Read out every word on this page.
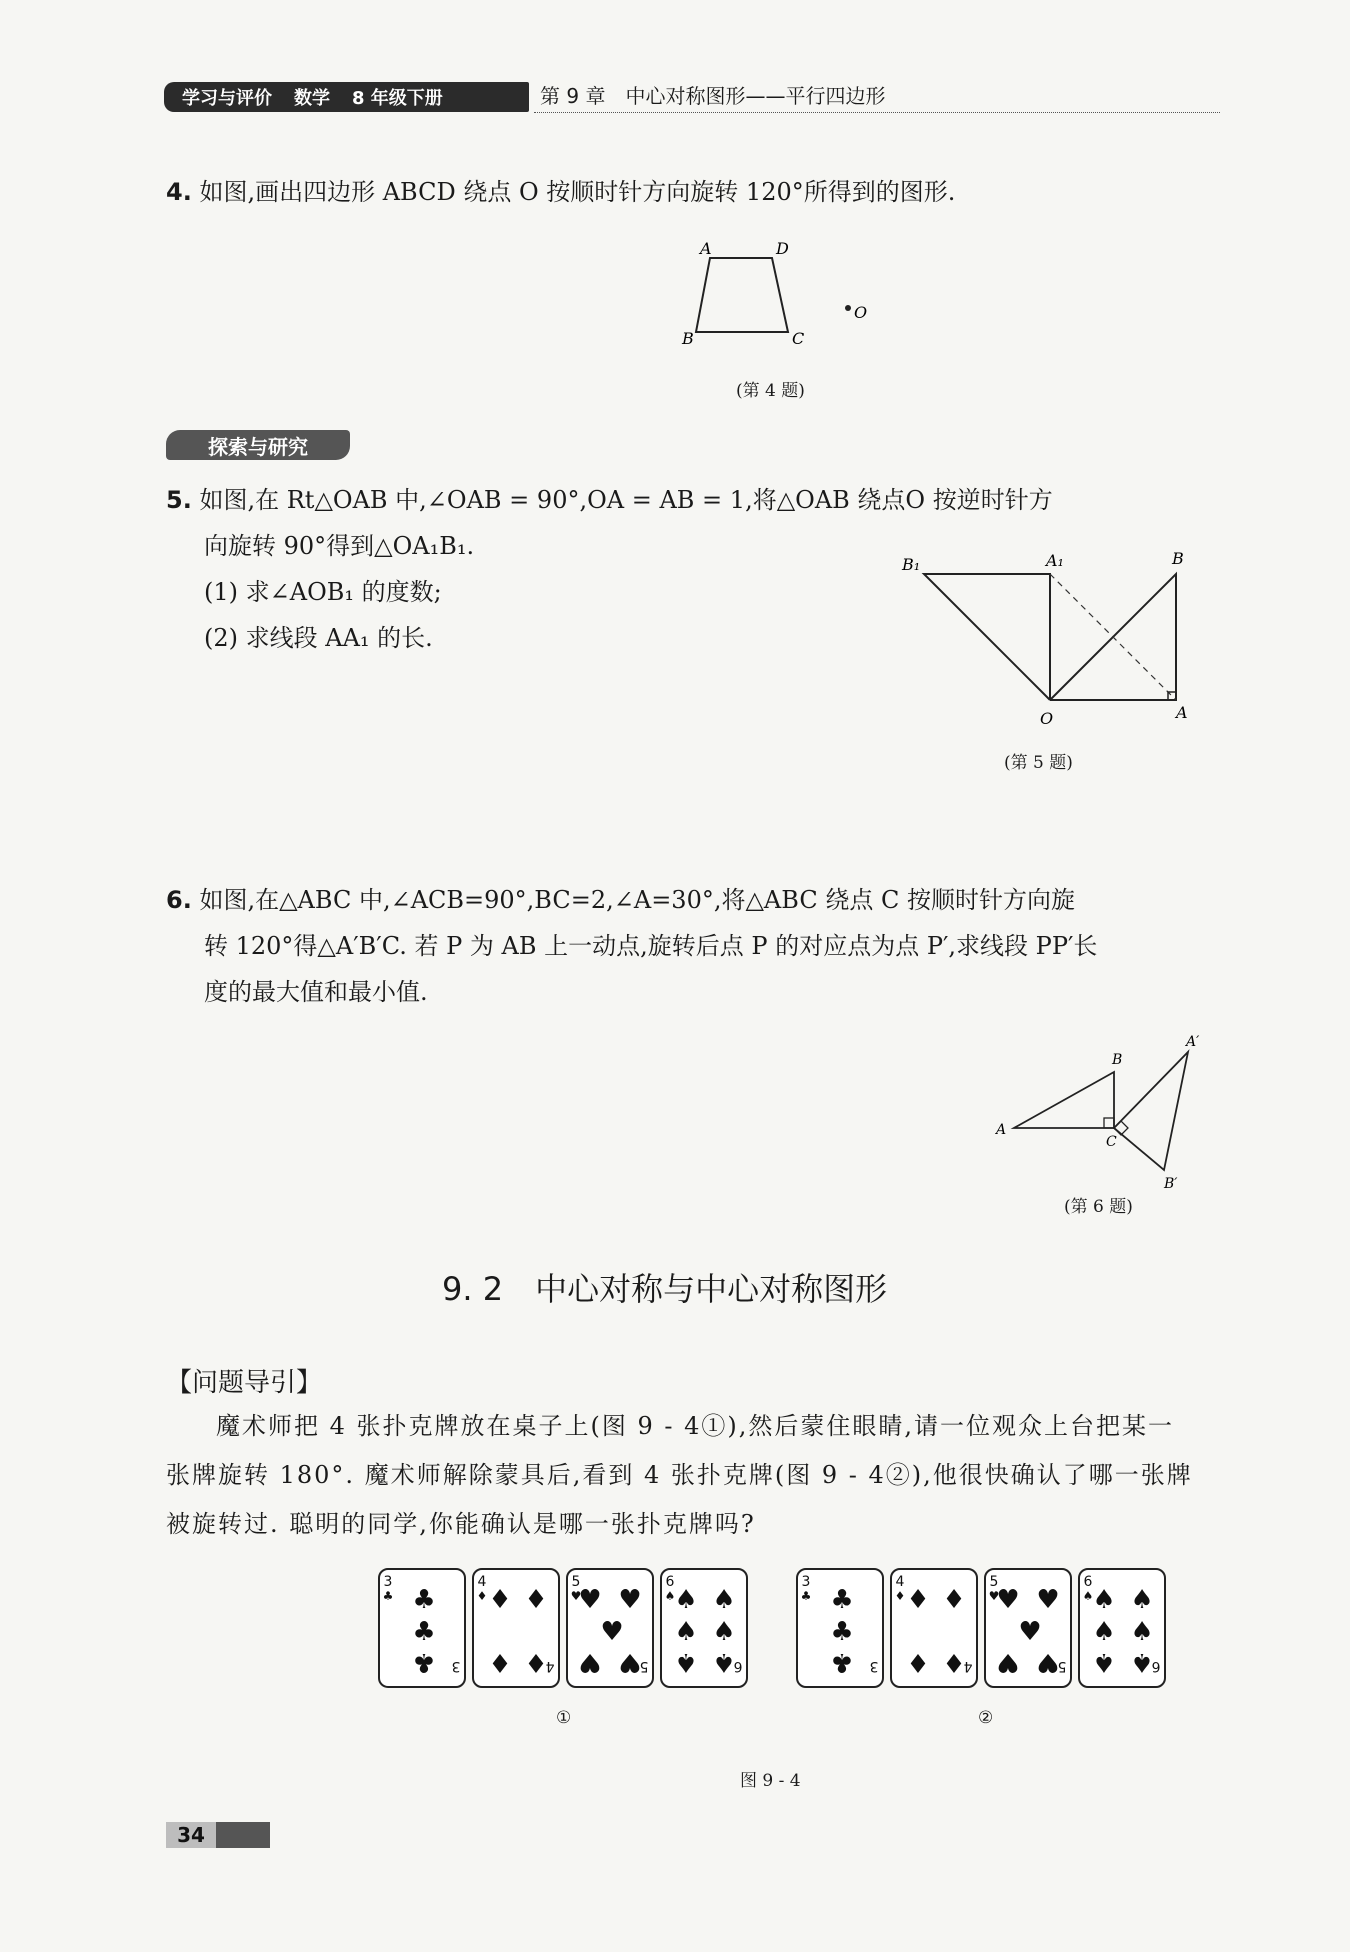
学习与评价 数学 8 年级下册	第 9 章　中心对称图形——平行四边形
4. 如图,画出四边形 ABCD 绕点 O 按顺时针方向旋转 120°所得到的图形.
A	D
B	C
O
(第 4 题)
探索与研究
5. 如图,在 Rt△OAB 中,∠OAB = 90°,OA = AB = 1,将△OAB 绕点O 按逆时针方
向旋转 90°得到△OA₁B₁.
(1) 求∠AOB₁ 的度数;
(2) 求线段 AA₁ 的长.
B₁	A₁	B
O	A
(第 5 题)
6. 如图,在△ABC 中,∠ACB=90°,BC=2,∠A=30°,将△ABC 绕点 C 按顺时针方向旋
转 120°得△A′B′C. 若 P 为 AB 上一动点,旋转后点 P 的对应点为点 P′,求线段 PP′长
度的最大值和最小值.
A
B
C
A′
B′
(第 6 题)
9. 2　中心对称与中心对称图形
【问题导引】
魔术师把 4 张扑克牌放在桌子上(图 9 - 4①),然后蒙住眼睛,请一位观众上台把某一
张牌旋转 180°. 魔术师解除蒙具后,看到 4 张扑克牌(图 9 - 4②),他很快确认了哪一张牌
被旋转过. 聪明的同学,你能确认是哪一张扑克牌吗?
3
♣ ♣
♣
♣ 3
4
♦ ♦ ♦
♦ ♦
4
5
♥
♥ ♥
♥
♥ ♥
5
6
♠
♠ ♠
♠ ♠
♠ ♠
6
①
3
♣ ♣
♣
♣ 3
4
♦ ♦ ♦
♦ ♦
4
5
♥
♥ ♥
♥
♥ ♥
5
6
♠
♠ ♠
♠ ♠
♠ ♠
6
②
图 9 - 4
34
